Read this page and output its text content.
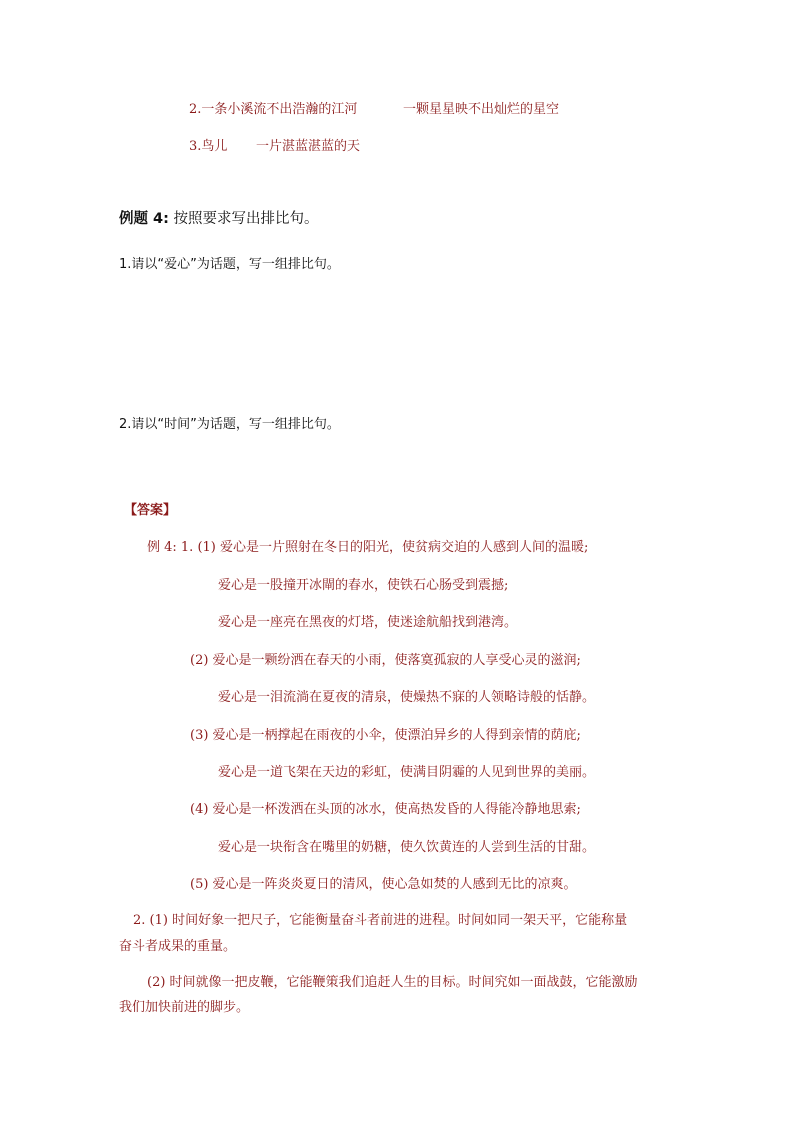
2.一条小溪流不出浩瀚的江河	一颗星星映不出灿烂的星空
3.鸟儿 一片湛蓝湛蓝的天
例题 4: 按照要求写出排比句。
1.请以“爱心”为话题，写一组排比句。
2.请以“时间”为话题，写一组排比句。
【答案】
例 4: 1. (1) 爱心是一片照射在冬日的阳光，使贫病交迫的人感到人间的温暖;
爱心是一股撞开冰閘的春水，使铁石心肠受到震撼;
爱心是一座亮在黑夜的灯塔，使迷途航船找到港湾。
(2) 爱心是一颗纷洒在春天的小雨，使落寞孤寂的人享受心灵的滋润;
爱心是一泪流淌在夏夜的清泉，使燥热不寐的人领略诗般的恬静。
(3) 爱心是一柄撑起在雨夜的小伞，使漂泊异乡的人得到亲情的荫庇;
爱心是一道飞架在天边的彩虹，使满目阴霾的人见到世界的美丽。
(4) 爱心是一杯泼洒在头顶的冰水，使高热发昏的人得能冷静地思索;
爱心是一块衔含在嘴里的奶糖，使久饮黄连的人尝到生活的甘甜。
(5) 爱心是一阵炎炎夏日的清风，使心急如焚的人感到无比的凉爽。
2. (1) 时间好象一把尺子，它能衡量奋斗者前进的进程。时间如同一架天平，它能称量
奋斗者成果的重量。
(2) 时间就像一把皮鞭，它能鞭策我们追赶人生的目标。时间究如一面战鼓，它能激励
我们加快前进的脚步。
